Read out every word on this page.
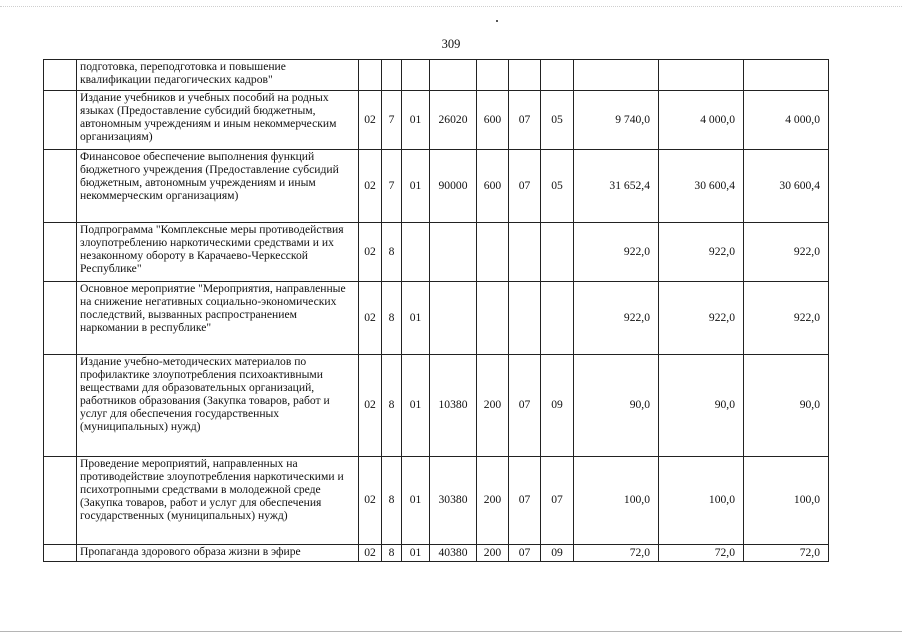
309
	подготовка, переподготовка и повышение квалификации педагогических кадров"										
	Издание учебников и учебных пособий на родных языках (Предоставление субсидий бюджетным, автономным учреждениям и иным некоммерческим организациям)	02	7	01	26020	600	07	05	9 740,0	4 000,0	4 000,0
	Финансовое обеспечение выполнения функций бюджетного учреждения (Предоставление субсидий бюджетным, автономным учреждениям и иным некоммерческим организациям)	02	7	01	90000	600	07	05	31 652,4	30 600,4	30 600,4
	Подпрограмма "Комплексные меры противодействия злоупотреблению наркотическими средствами и их незаконному обороту в Карачаево-Черкесской Республике"	02	8						922,0	922,0	922,0
	Основное мероприятие "Мероприятия, направленные на снижение негативных социально-экономических последствий, вызванных распространением наркомании в республике"	02	8	01					922,0	922,0	922,0
	Издание учебно-методических материалов по профилактике злоупотребления психоактивными веществами для образовательных организаций, работников образования (Закупка товаров, работ и услуг для обеспечения государственных (муниципальных) нужд)	02	8	01	10380	200	07	09	90,0	90,0	90,0
	Проведение мероприятий, направленных на противодействие злоупотребления наркотическими и психотропными средствами в молодежной среде (Закупка товаров, работ и услуг для обеспечения государственных (муниципальных) нужд)	02	8	01	30380	200	07	07	100,0	100,0	100,0
	Пропаганда здорового образа жизни в эфире	02	8	01	40380	200	07	09	72,0	72,0	72,0
